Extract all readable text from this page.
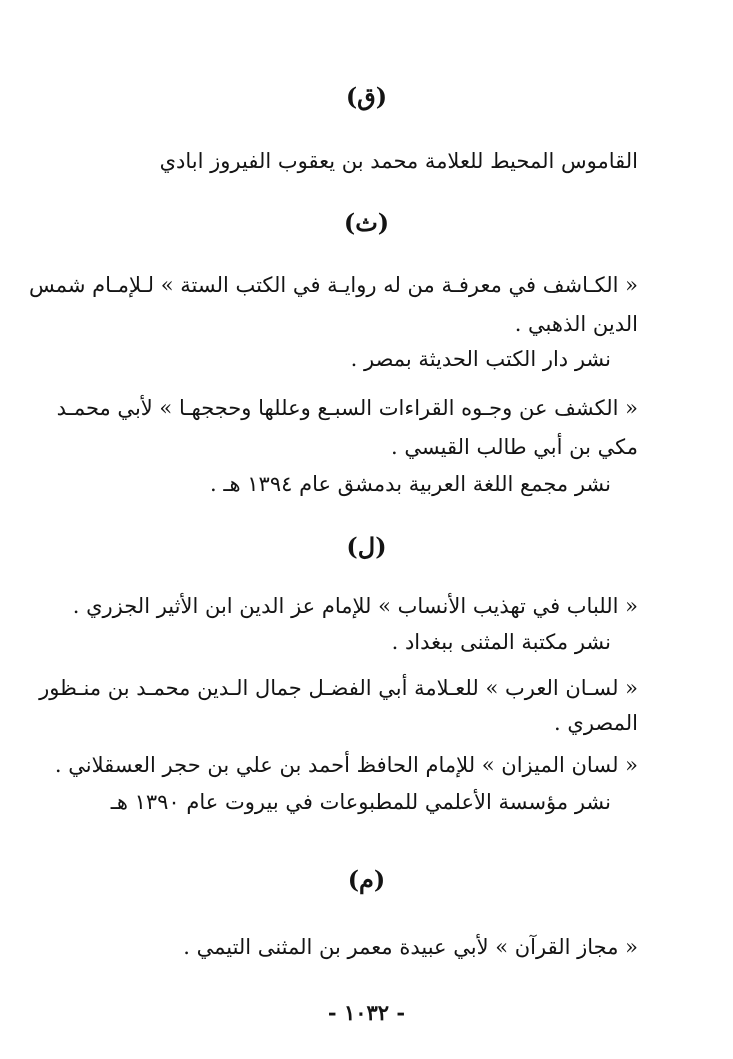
(ق)
القاموس المحيط للعلامة محمد بن يعقوب الفيروز ابادي
(ث)
« الكـاشف في معرفـة من له روايـة في الكتب الستة » لـلإمـام شمس
الدين الذهبي .
نشر دار الكتب الحديثة بمصر .
« الكشف عن وجـوه القراءات السبـع وعللها وحججهـا » لأبي محمـد
مكي بن أبي طالب القيسي .
نشر مجمع اللغة العربية بدمشق عام ١٣٩٤ هـ .
(ل)
« اللباب في تهذيب الأنساب » للإمام عز الدين ابن الأثير الجزري .
نشر مكتبة المثنى ببغداد .
« لسـان العرب » للعـلامة أبي الفضـل جمال الـدين محمـد بن منـظور
المصري .
« لسان الميزان » للإمام الحافظ أحمد بن علي بن حجر العسقلاني .
نشر مؤسسة الأعلمي للمطبوعات في بيروت عام ١٣٩٠ هـ
(م)
« مجاز القرآن » لأبي عبيدة معمر بن المثنى التيمي .
- ١٠٣٢ -
